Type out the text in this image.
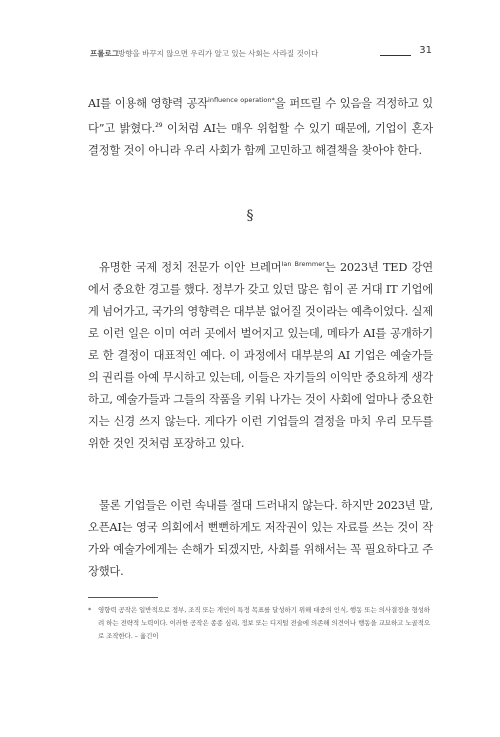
프롤로그 방향을 바꾸지 않으면 우리가 알고 있는 사회는 사라질 것이다	31

AI를 이용해 영향력 공작$^{influence operation*}$을 퍼뜨릴 수 있음을 걱정하고 있다”고 밝혔다.$^{29}$ 이처럼 AI는 매우 위험할 수 있기 때문에, 기업이 혼자 결정할 것이 아니라 우리 사회가 함께 고민하고 해결책을 찾아야 한다.

§

유명한 국제 정치 전문가 이안 브레머$^{Ian Bremmer}$는 2023년 TED 강연에서 중요한 경고를 했다. 정부가 갖고 있던 많은 힘이 곧 거대 IT 기업에게 넘어가고, 국가의 영향력은 대부분 없어질 것이라는 예측이었다. 실제로 이런 일은 이미 여러 곳에서 벌어지고 있는데, 메타가 AI를 공개하기로 한 결정이 대표적인 예다. 이 과정에서 대부분의 AI 기업은 예술가들의 권리를 아예 무시하고 있는데, 이들은 자기들의 이익만 중요하게 생각하고, 예술가들과 그들의 작품을 키워 나가는 것이 사회에 얼마나 중요한지는 신경 쓰지 않는다. 게다가 이런 기업들의 결정을 마치 우리 모두를 위한 것인 것처럼 포장하고 있다.

물론 기업들은 이런 속내를 절대 드러내지 않는다. 하지만 2023년 말, 오픈AI는 영국 의회에서 뻔뻔하게도 저작권이 있는 자료를 쓰는 것이 작가와 예술가에게는 손해가 되겠지만, 사회를 위해서는 꼭 필요하다고 주장했다.

* 영향력 공작은 일반적으로 정부, 조직 또는 개인이 특정 목표를 달성하기 위해 대중의 인식, 행동 또는 의사결정을 형성하려 하는 전략적 노력이다. 이러한 공작은 종종 심리, 정보 또는 디지털 전술에 의존해 의견이나 행동을 교묘하고 노골적으로 조작한다. – 옮긴이
